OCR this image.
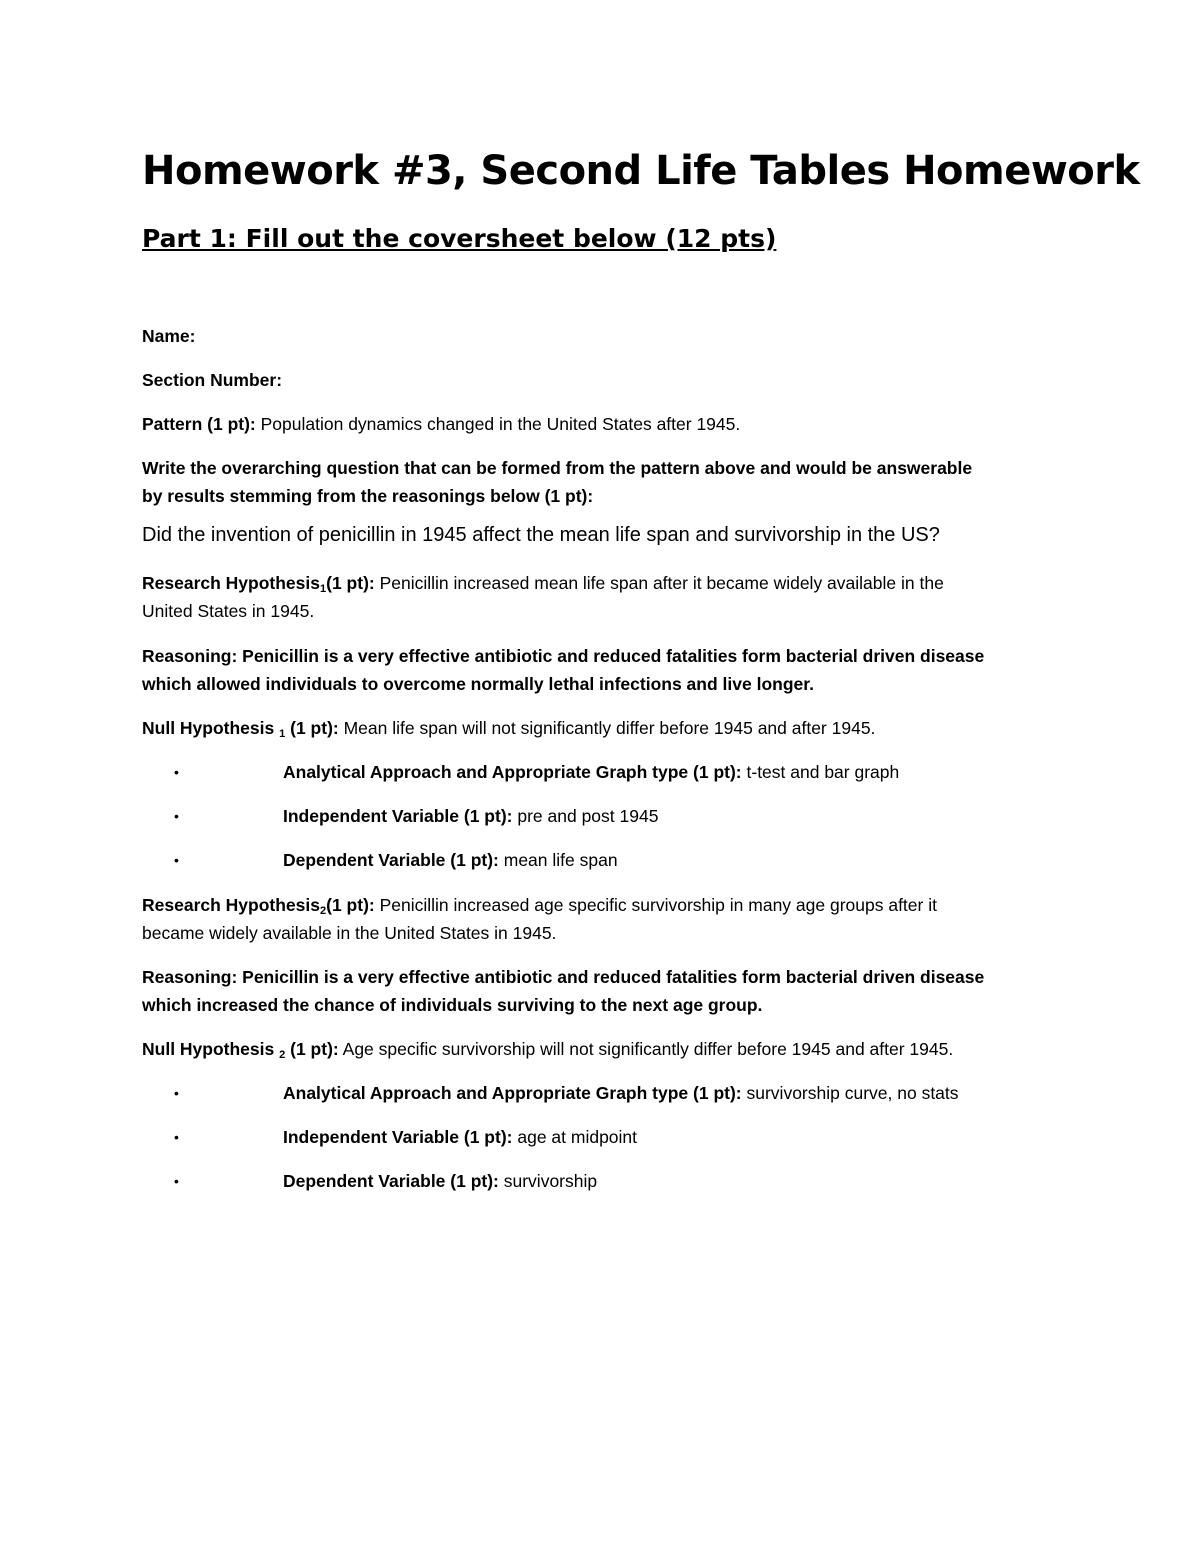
Homework #3, Second Life Tables Homework
Part 1: Fill out the coversheet below (12 pts)
Name:
Section Number:
Pattern (1 pt): Population dynamics changed in the United States after 1945.
Write the overarching question that can be formed from the pattern above and would be answerable
by results stemming from the reasonings below (1 pt):
Did the invention of penicillin in 1945 affect the mean life span and survivorship in the US?
Research Hypothesis$_1$(1 pt): Penicillin increased mean life span after it became widely available in the
United States in 1945.
Reasoning: Penicillin is a very effective antibiotic and reduced fatalities form bacterial driven disease
which allowed individuals to overcome normally lethal infections and live longer.
Null Hypothesis $_1$ (1 pt): Mean life span will not significantly differ before 1945 and after 1945.
•	Analytical Approach and Appropriate Graph type (1 pt): t-test and bar graph
•	Independent Variable (1 pt): pre and post 1945
•	Dependent Variable (1 pt): mean life span
Research Hypothesis$_2$(1 pt): Penicillin increased age specific survivorship in many age groups after it
became widely available in the United States in 1945.
Reasoning: Penicillin is a very effective antibiotic and reduced fatalities form bacterial driven disease
which increased the chance of individuals surviving to the next age group.
Null Hypothesis $_2$ (1 pt): Age specific survivorship will not significantly differ before 1945 and after 1945.
•	Analytical Approach and Appropriate Graph type (1 pt): survivorship curve, no stats
•	Independent Variable (1 pt): age at midpoint
•	Dependent Variable (1 pt): survivorship
